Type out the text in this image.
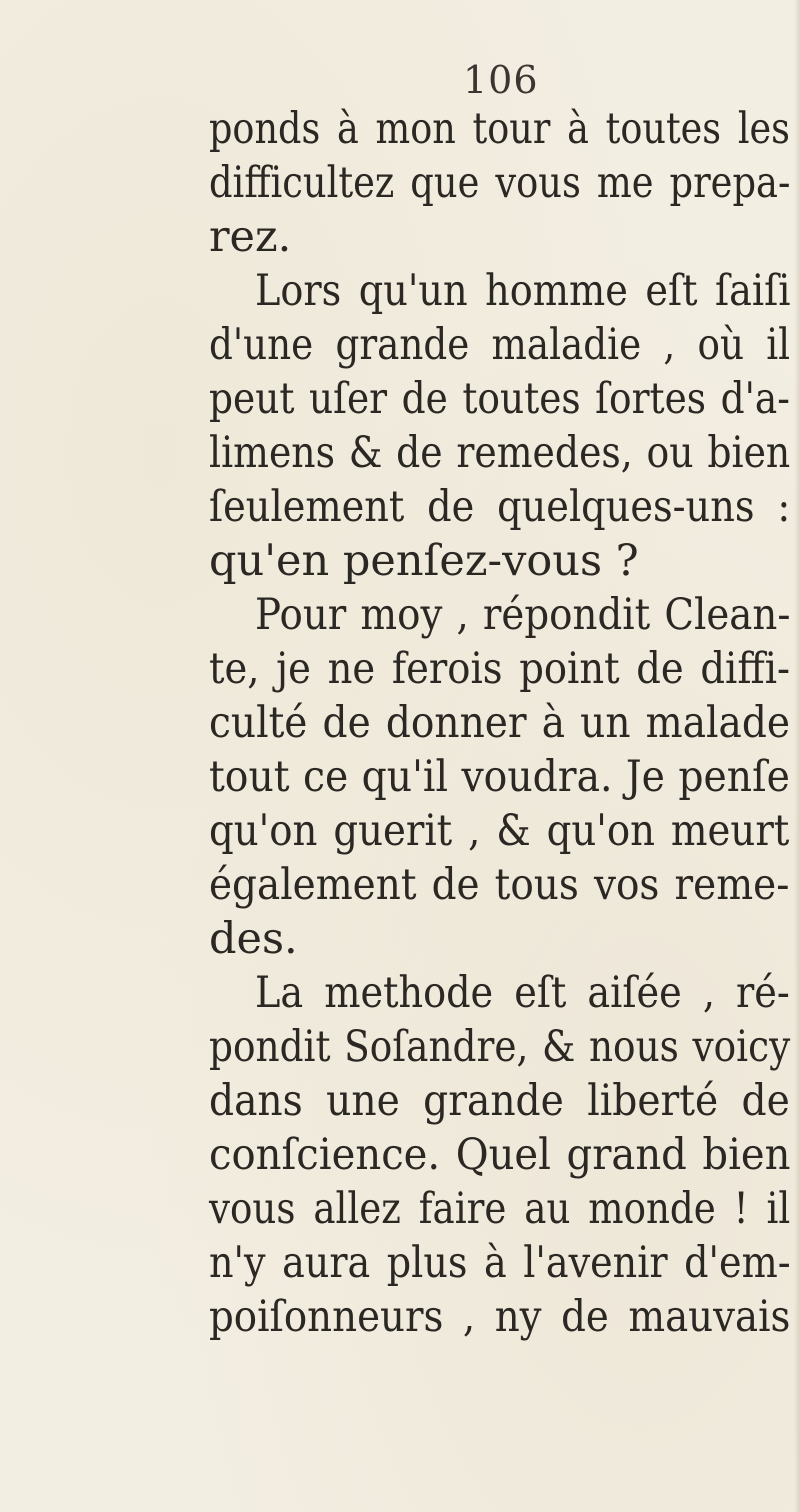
106
ponds à mon tour à toutes les
difficultez que vous me prepa-
rez.
Lors qu'un homme eſt ſaiſi
d'une grande maladie , où il
peut uſer de toutes ſortes d'a-
limens & de remedes, ou bien
ſeulement de quelques-uns :
qu'en penſez-vous ?
Pour moy , répondit Clean-
te, je ne ferois point de diffi-
culté de donner à un malade
tout ce qu'il voudra. Je penſe
qu'on guerit , & qu'on meurt
également de tous vos reme-
des.
La methode eſt aiſée , ré-
pondit Soſandre, & nous voicy
dans une grande liberté de
conſcience. Quel grand bien
vous allez faire au monde ! il
n'y aura plus à l'avenir d'em-
poiſonneurs , ny de mauvais
